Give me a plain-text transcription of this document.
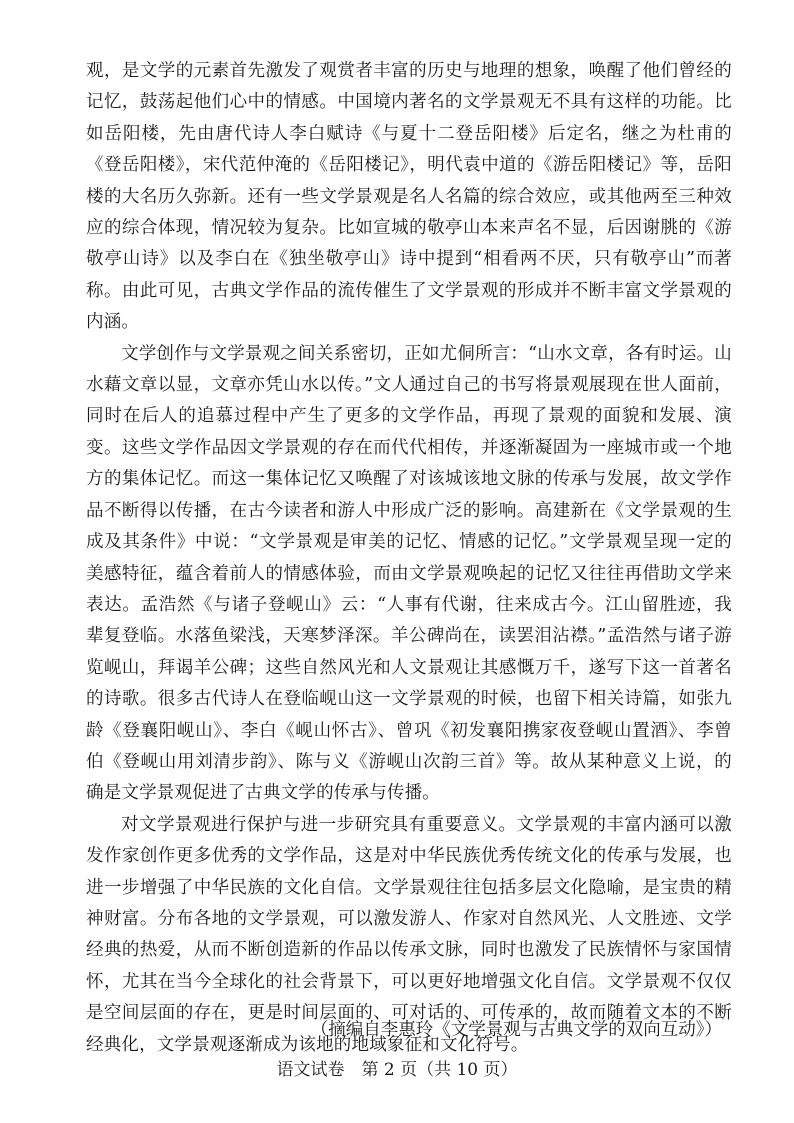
观，是文学的元素首先激发了观赏者丰富的历史与地理的想象，唤醒了他们曾经的记忆，鼓荡起他们心中的情感。中国境内著名的文学景观无不具有这样的功能。比如岳阳楼，先由唐代诗人李白赋诗《与夏十二登岳阳楼》后定名，继之为杜甫的《登岳阳楼》，宋代范仲淹的《岳阳楼记》，明代袁中道的《游岳阳楼记》等，岳阳楼的大名历久弥新。还有一些文学景观是名人名篇的综合效应，或其他两至三种效应的综合体现，情况较为复杂。比如宣城的敬亭山本来声名不显，后因谢朓的《游敬亭山诗》以及李白在《独坐敬亭山》诗中提到“相看两不厌，只有敬亭山”而著称。由此可见，古典文学作品的流传催生了文学景观的形成并不断丰富文学景观的内涵。

文学创作与文学景观之间关系密切，正如尤侗所言：“山水文章，各有时运。山水藉文章以显，文章亦凭山水以传。”文人通过自己的书写将景观展现在世人面前，同时在后人的追慕过程中产生了更多的文学作品，再现了景观的面貌和发展、演变。这些文学作品因文学景观的存在而代代相传，并逐渐凝固为一座城市或一个地方的集体记忆。而这一集体记忆又唤醒了对该城该地文脉的传承与发展，故文学作品不断得以传播，在古今读者和游人中形成广泛的影响。高建新在《文学景观的生成及其条件》中说：“文学景观是审美的记忆、情感的记忆。”文学景观呈现一定的美感特征，蕴含着前人的情感体验，而由文学景观唤起的记忆又往往再借助文学来表达。孟浩然《与诸子登岘山》云：“人事有代谢，往来成古今。江山留胜迹，我辈复登临。水落鱼梁浅，天寒梦泽深。羊公碑尚在，读罢泪沾襟。”孟浩然与诸子游览岘山，拜谒羊公碑；这些自然风光和人文景观让其感慨万千，遂写下这一首著名的诗歌。很多古代诗人在登临岘山这一文学景观的时候，也留下相关诗篇，如张九龄《登襄阳岘山》、李白《岘山怀古》、曾巩《初发襄阳携家夜登岘山置酒》、李曾伯《登岘山用刘清步韵》、陈与义《游岘山次韵三首》等。故从某种意义上说，的确是文学景观促进了古典文学的传承与传播。

对文学景观进行保护与进一步研究具有重要意义。文学景观的丰富内涵可以激发作家创作更多优秀的文学作品，这是对中华民族优秀传统文化的传承与发展，也进一步增强了中华民族的文化自信。文学景观往往包括多层文化隐喻，是宝贵的精神财富。分布各地的文学景观，可以激发游人、作家对自然风光、人文胜迹、文学经典的热爱，从而不断创造新的作品以传承文脉，同时也激发了民族情怀与家国情怀，尤其在当今全球化的社会背景下，可以更好地增强文化自信。文学景观不仅仅是空间层面的存在，更是时间层面的、可对话的、可传承的，故而随着文本的不断经典化，文学景观逐渐成为该地的地域象征和文化符号。

（摘编自李惠玲《文学景观与古典文学的双向互动》）

语文试卷　第 2 页（共 10 页）
